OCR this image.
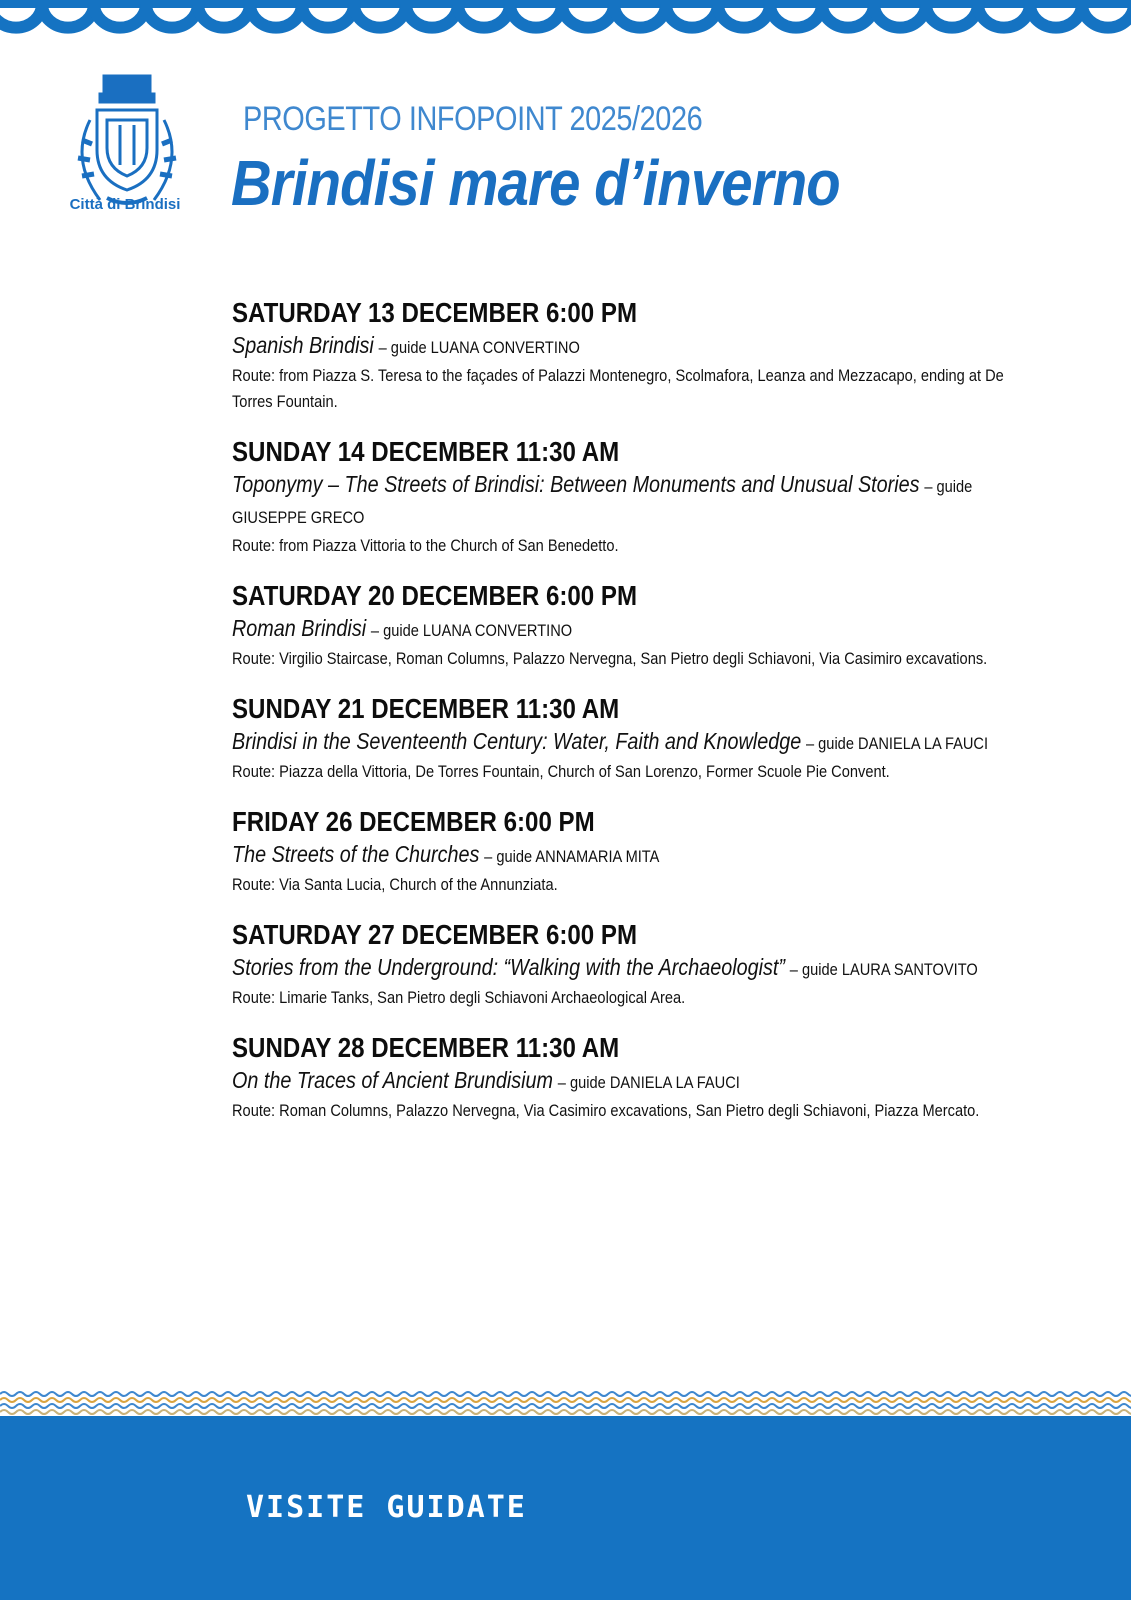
Città di Brindisi
PROGETTO INFOPOINT 2025/2026
Brindisi mare d’inverno
SATURDAY 13 DECEMBER 6:00 PM
Spanish Brindisi – guide LUANA CONVERTINO
Route: from Piazza S. Teresa to the façades of Palazzi Montenegro, Scolmafora, Leanza and Mezzacapo, ending at De Torres Fountain.
SUNDAY 14 DECEMBER 11:30 AM
Toponymy – The Streets of Brindisi: Between Monuments and Unusual Stories – guide GIUSEPPE GRECO
Route: from Piazza Vittoria to the Church of San Benedetto.
SATURDAY 20 DECEMBER 6:00 PM
Roman Brindisi – guide LUANA CONVERTINO
Route: Virgilio Staircase, Roman Columns, Palazzo Nervegna, San Pietro degli Schiavoni, Via Casimiro excavations.
SUNDAY 21 DECEMBER 11:30 AM
Brindisi in the Seventeenth Century: Water, Faith and Knowledge – guide DANIELA LA FAUCI
Route: Piazza della Vittoria, De Torres Fountain, Church of San Lorenzo, Former Scuole Pie Convent.
FRIDAY 26 DECEMBER 6:00 PM
The Streets of the Churches – guide ANNAMARIA MITA
Route: Via Santa Lucia, Church of the Annunziata.
SATURDAY 27 DECEMBER 6:00 PM
Stories from the Underground: “Walking with the Archaeologist” – guide LAURA SANTOVITO
Route: Limarie Tanks, San Pietro degli Schiavoni Archaeological Area.
SUNDAY 28 DECEMBER 11:30 AM
On the Traces of Ancient Brundisium – guide DANIELA LA FAUCI
Route: Roman Columns, Palazzo Nervegna, Via Casimiro excavations, San Pietro degli Schiavoni, Piazza Mercato.
VISITE GUIDATE
